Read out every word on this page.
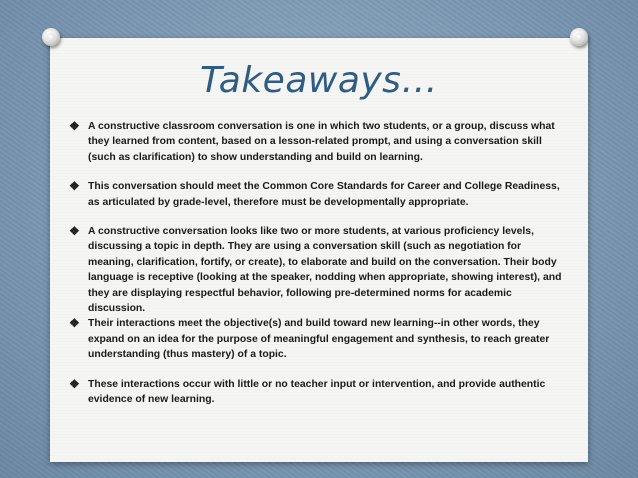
Takeaways…
❖ A constructive classroom conversation is one in which two students, or a group, discuss what they learned from content, based on a lesson-related prompt, and using a conversation skill (such as clarification) to show understanding and build on learning.
❖ This conversation should meet the Common Core Standards for Career and College Readiness, as articulated by grade-level, therefore must be developmentally appropriate.
❖ A constructive conversation looks like two or more students, at various proficiency levels, discussing a topic in depth. They are using a conversation skill (such as negotiation for meaning, clarification, fortify, or create), to elaborate and build on the conversation. Their body language is receptive (looking at the speaker, nodding when appropriate, showing interest), and they are displaying respectful behavior, following pre-determined norms for academic discussion.
❖ Their interactions meet the objective(s) and build toward new learning--in other words, they expand on an idea for the purpose of meaningful engagement and synthesis, to reach greater understanding (thus mastery) of a topic.
❖ These interactions occur with little or no teacher input or intervention, and provide authentic evidence of new learning.
